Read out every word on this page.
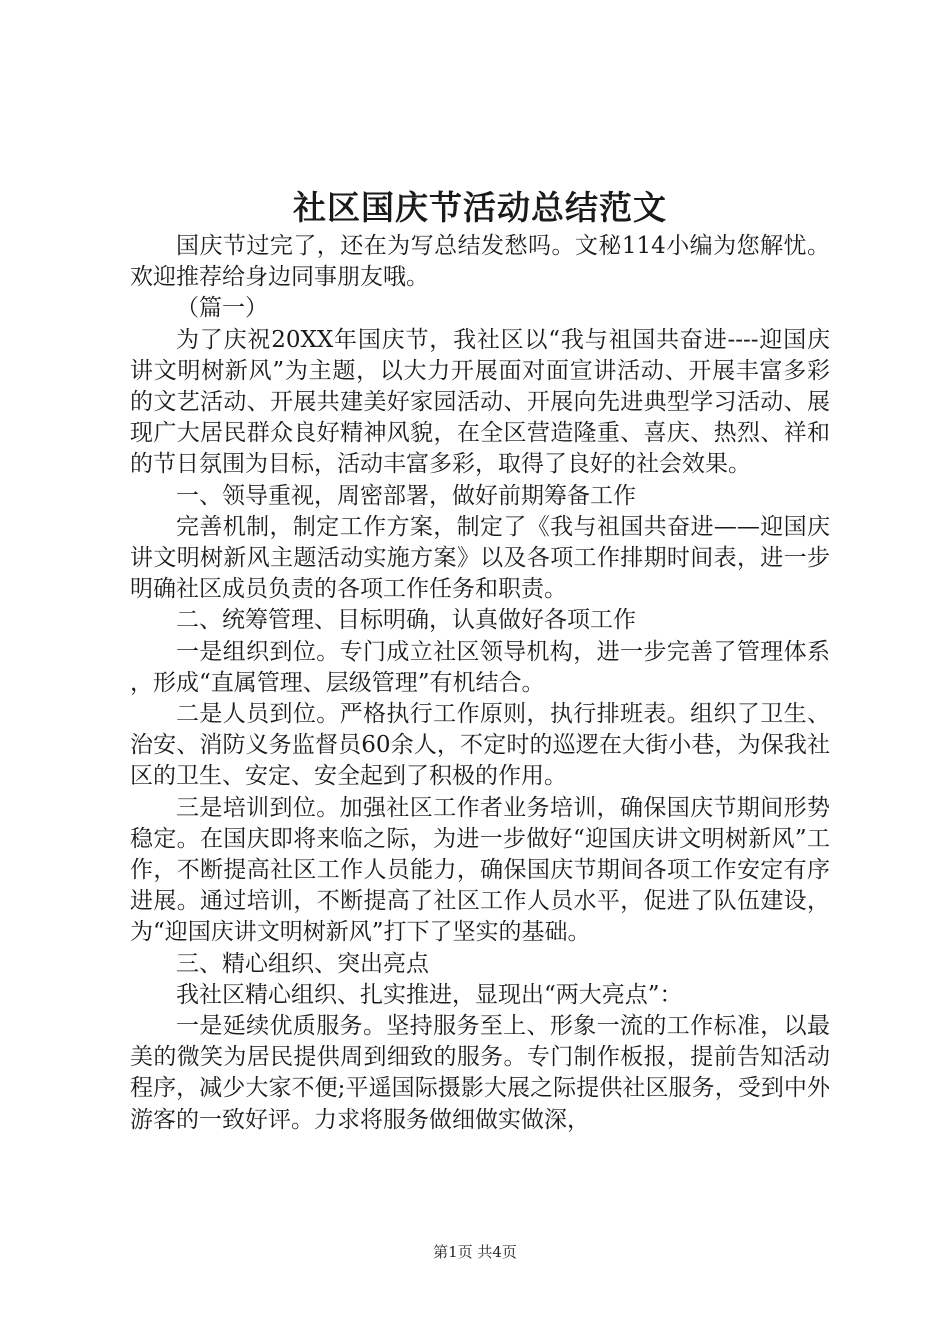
社区国庆节活动总结范文

国庆节过完了，还在为写总结发愁吗。文秘114小编为您解忧。欢迎推荐给身边同事朋友哦。

（篇一）

为了庆祝20XX年国庆节，我社区以“我与祖国共奋进----迎国庆讲文明树新风”为主题，以大力开展面对面宣讲活动、开展丰富多彩的文艺活动、开展共建美好家园活动、开展向先进典型学习活动、展现广大居民群众良好精神风貌，在全区营造隆重、喜庆、热烈、祥和的节日氛围为目标，活动丰富多彩，取得了良好的社会效果。

一、领导重视，周密部署，做好前期筹备工作

完善机制，制定工作方案，制定了《我与祖国共奋进——迎国庆讲文明树新风主题活动实施方案》以及各项工作排期时间表，进一步明确社区成员负责的各项工作任务和职责。

二、统筹管理、目标明确，认真做好各项工作

一是组织到位。专门成立社区领导机构，进一步完善了管理体系，形成“直属管理、层级管理”有机结合。

二是人员到位。严格执行工作原则，执行排班表。组织了卫生、治安、消防义务监督员60余人，不定时的巡逻在大街小巷，为保我社区的卫生、安定、安全起到了积极的作用。

三是培训到位。加强社区工作者业务培训，确保国庆节期间形势稳定。在国庆即将来临之际，为进一步做好“迎国庆讲文明树新风”工作，不断提高社区工作人员能力，确保国庆节期间各项工作安定有序进展。通过培训，不断提高了社区工作人员水平，促进了队伍建设，为“迎国庆讲文明树新风”打下了坚实的基础。

三、精心组织、突出亮点

我社区精心组织、扎实推进，显现出“两大亮点”：

一是延续优质服务。坚持服务至上、形象一流的工作标准，以最美的微笑为居民提供周到细致的服务。专门制作板报，提前告知活动程序，减少大家不便;平遥国际摄影大展之际提供社区服务，受到中外游客的一致好评。力求将服务做细做实做深，

第1页 共4页
